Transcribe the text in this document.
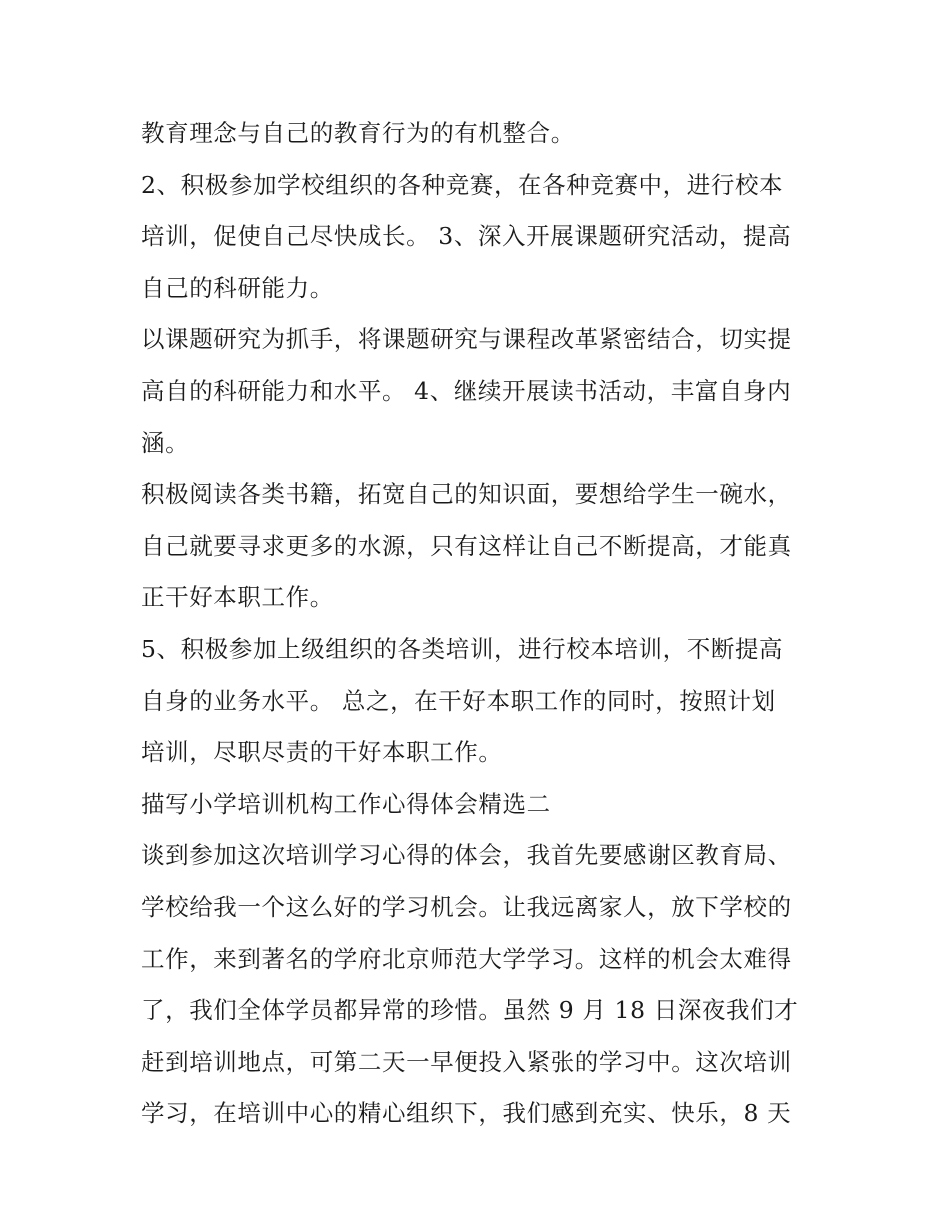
教育理念与自己的教育行为的有机整合。
2、积极参加学校组织的各种竞赛，在各种竞赛中，进行校本
培训，促使自己尽快成长。 3、深入开展课题研究活动，提高
自己的科研能力。
以课题研究为抓手，将课题研究与课程改革紧密结合，切实提
高自的科研能力和水平。 4、继续开展读书活动，丰富自身内
涵。
积极阅读各类书籍，拓宽自己的知识面，要想给学生一碗水，
自己就要寻求更多的水源，只有这样让自己不断提高，才能真
正干好本职工作。
5、积极参加上级组织的各类培训，进行校本培训，不断提高
自身的业务水平。 总之，在干好本职工作的同时，按照计划
培训，尽职尽责的干好本职工作。
描写小学培训机构工作心得体会精选二
谈到参加这次培训学习心得的体会，我首先要感谢区教育局、
学校给我一个这么好的学习机会。让我远离家人，放下学校的
工作，来到著名的学府北京师范大学学习。这样的机会太难得
了，我们全体学员都异常的珍惜。虽然 9 月 18 日深夜我们才
赶到培训地点，可第二天一早便投入紧张的学习中。这次培训
学习，在培训中心的精心组织下，我们感到充实、快乐，8 天
